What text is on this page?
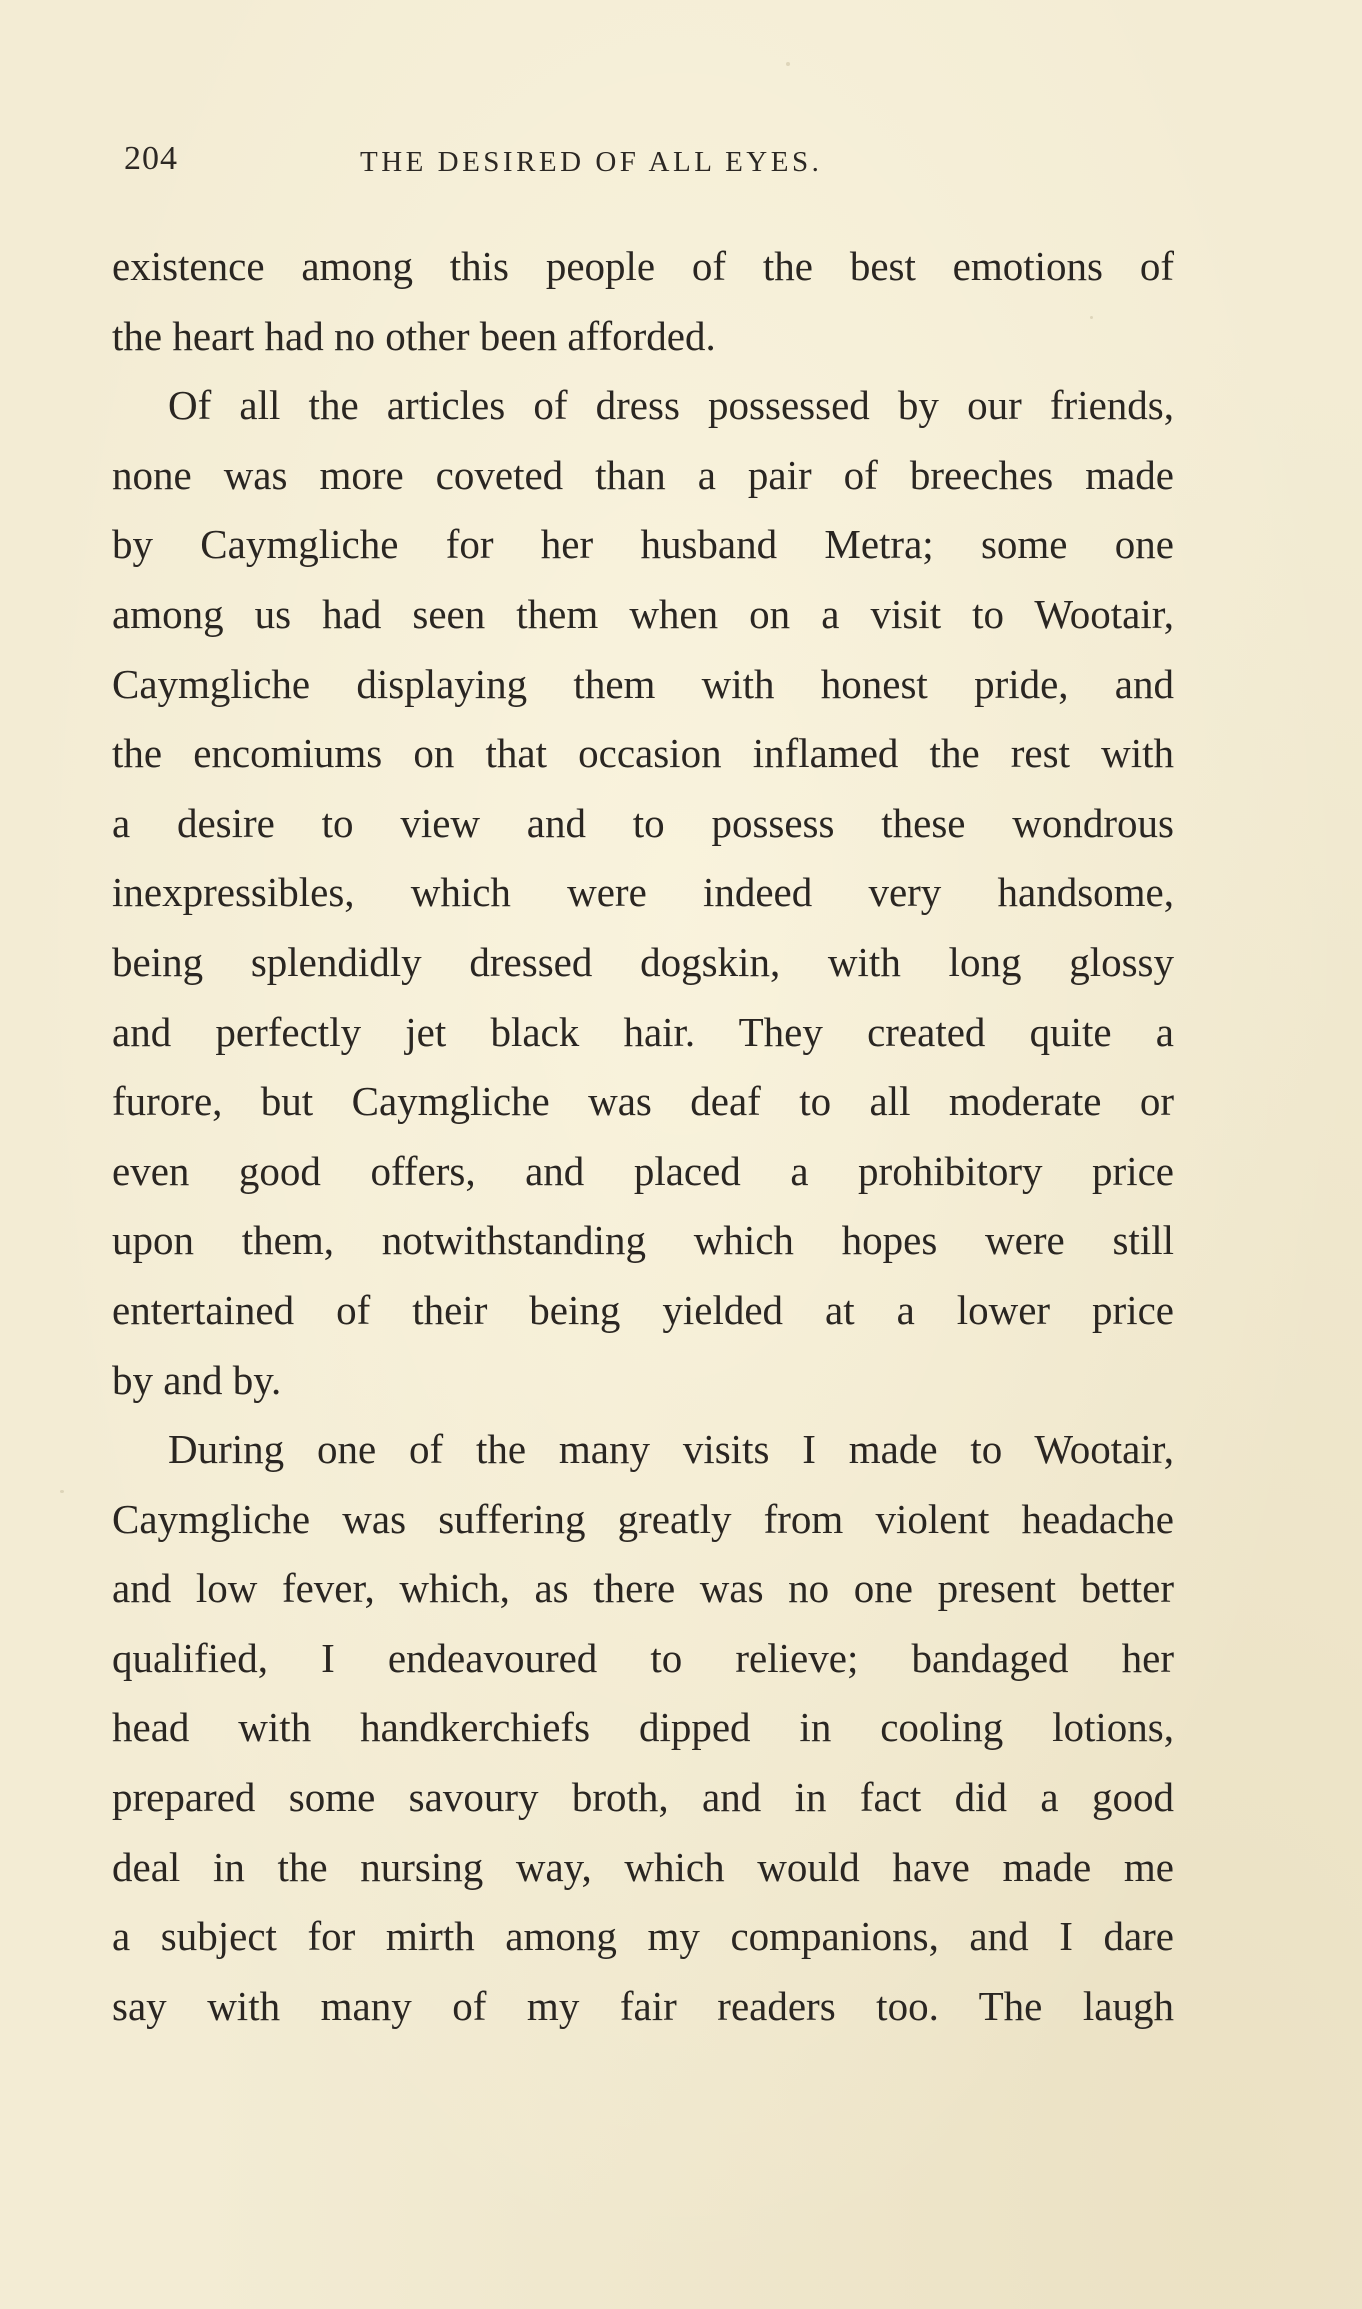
204	THE DESIRED OF ALL EYES.
existence among this people of the best emotions of
the heart had no other been afforded.
Of all the articles of dress possessed by our friends,
none was more coveted than a pair of breeches made
by Caymgliche for her husband Metra; some one
among us had seen them when on a visit to Wootair,
Caymgliche displaying them with honest pride, and
the encomiums on that occasion inflamed the rest with
a desire to view and to possess these wondrous
inexpressibles, which were indeed very handsome,
being splendidly dressed dogskin, with long glossy
and perfectly jet black hair. They created quite a
furore, but Caymgliche was deaf to all moderate or
even good offers, and placed a prohibitory price
upon them, notwithstanding which hopes were still
entertained of their being yielded at a lower price
by and by.
During one of the many visits I made to Wootair,
Caymgliche was suffering greatly from violent headache
and low fever, which, as there was no one present better
qualified, I endeavoured to relieve; bandaged her
head with handkerchiefs dipped in cooling lotions,
prepared some savoury broth, and in fact did a good
deal in the nursing way, which would have made me
a subject for mirth among my companions, and I dare
say with many of my fair readers too. The laugh
